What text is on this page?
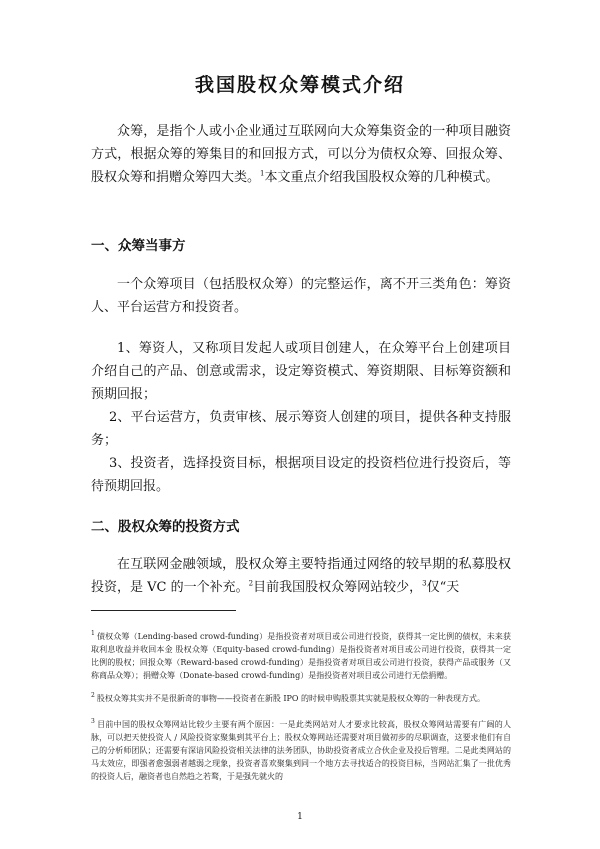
我国股权众筹模式介绍
众筹，是指个人或小企业通过互联网向大众筹集资金的一种项目融资方式，根据众筹的筹集目的和回报方式，可以分为债权众筹、回报众筹、股权众筹和捐赠众筹四大类。$^1$本文重点介绍我国股权众筹的几种模式。
一、众筹当事方
一个众筹项目（包括股权众筹）的完整运作，离不开三类角色：筹资人、平台运营方和投资者。
1、筹资人，又称项目发起人或项目创建人，在众筹平台上创建项目介绍自己的产品、创意或需求，设定筹资模式、筹资期限、目标筹资额和预期回报；
2、平台运营方，负责审核、展示筹资人创建的项目，提供各种支持服务；
3、投资者，选择投资目标，根据项目设定的投资档位进行投资后，等待预期回报。
二、股权众筹的投资方式
在互联网金融领域，股权众筹主要特指通过网络的较早期的私募股权投资，是 VC 的一个补充。$^2$目前我国股权众筹网站较少，$^3$仅“天
$^1$ 债权众筹（Lending-based crowd-funding）是指投资者对项目或公司进行投资，获得其一定比例的债权，未来获取利息收益并收回本金 股权众筹（Equity-based crowd-funding）是指投资者对项目或公司进行投资，获得其一定比例的股权；回报众筹（Reward-based crowd-funding）是指投资者对项目或公司进行投资，获得产品或服务（又称商品众筹）；捐赠众筹（Donate-based crowd-funding）是指投资者对项目或公司进行无偿捐赠。
$^2$ 股权众筹其实并不是很新奇的事物——投资者在新股 IPO 的时候申购股票其实就是股权众筹的一种表现方式。
$^3$ 目前中国的股权众筹网站比较少主要有两个原因：一是此类网站对人才要求比较高，股权众筹网站需要有广阔的人脉，可以把天使投资人 / 风险投资家聚集到其平台上；股权众筹网站还需要对项目做初步的尽职调查，这要求他们有自己的分析师团队；还需要有深谙风险投资相关法律的法务团队，协助投资者成立合伙企业及投后管理。二是此类网站的马太效应，即强者愈强弱者越弱之现象，投资者喜欢聚集到同一个地方去寻找适合的投资目标，当网站汇集了一批优秀的投资人后，融资者也自然趋之若鹜，于是强先就火的
1
